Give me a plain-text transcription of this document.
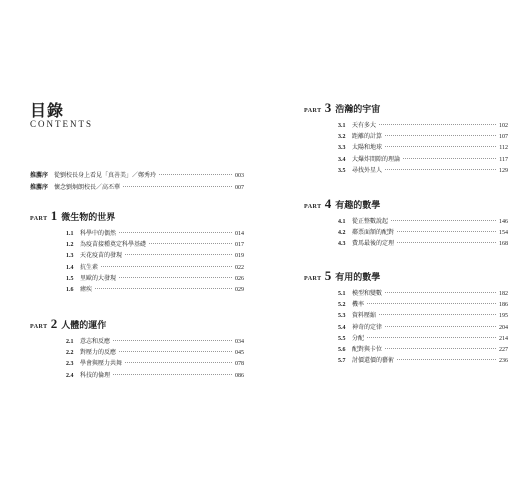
目錄
CONTENTS
推薦序 從劉校長身上看見「真善美」／鄭秀玲	003
推薦序 懷念劉炯朗校長／高丕華	007
PART 1 微生物的世界
1.1	科學中的偶然	014
1.2	為疫苗接種奠定科學基礎	017
1.3	天花疫苗的發現	019
1.4	抗生素	022
1.5	里歐的大發現	026
1.6	瘧疾	029
PART 2 人體的運作
2.1	意志和反應	034
2.2	對壓力的反應	045
2.3	學會與壓力共舞	078
2.4	科技的倫理	086
PART 3 浩瀚的宇宙
3.1	天有多大	102
3.2	距離的計算	107
3.3	太陽和地球	112
3.4	大爆炸間隙的理論	117
3.5	尋找外星人	129
PART 4 有趣的數學
4.1	從正整數說起	146
4.2	鄰票面額的配對	154
4.3	費馬最後的定理	168
PART 5 有用的數學
5.1	模型和變數	182
5.2	機率	186
5.3	資料壓縮	195
5.4	神奇的定律	204
5.5	分配	214
5.6	配對與卡位	227
5.7	討價還價的藝術	236
